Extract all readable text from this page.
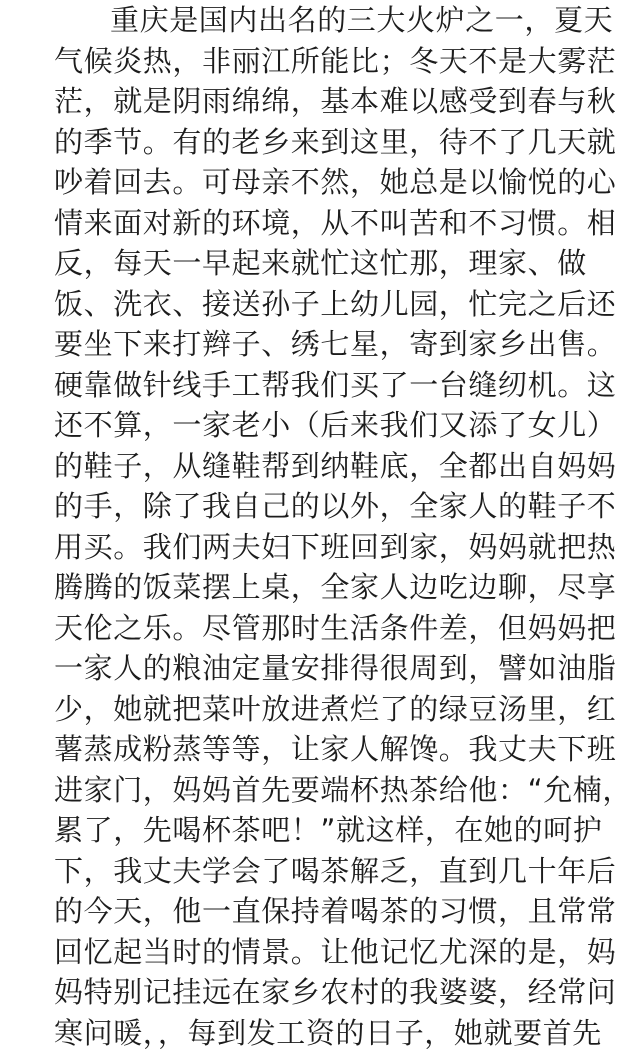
重庆是国内出名的三大火炉之一，夏天
气候炎热，非丽江所能比；冬天不是大雾茫
茫，就是阴雨绵绵，基本难以感受到春与秋
的季节。有的老乡来到这里，待不了几天就
吵着回去。可母亲不然，她总是以愉悦的心
情来面对新的环境，从不叫苦和不习惯。相
反，每天一早起来就忙这忙那，理家、做
饭、洗衣、接送孙子上幼儿园，忙完之后还
要坐下来打辫子、绣七星，寄到家乡出售。
硬靠做针线手工帮我们买了一台缝纫机。这
还不算，一家老小（后来我们又添了女儿）
的鞋子，从缝鞋帮到纳鞋底，全都出自妈妈
的手，除了我自己的以外，全家人的鞋子不
用买。我们两夫妇下班回到家，妈妈就把热
腾腾的饭菜摆上桌，全家人边吃边聊，尽享
天伦之乐。尽管那时生活条件差，但妈妈把
一家人的粮油定量安排得很周到，譬如油脂
少，她就把菜叶放进煮烂了的绿豆汤里，红
薯蒸成粉蒸等等，让家人解馋。我丈夫下班
进家门，妈妈首先要端杯热茶给他：“允楠，
累了，先喝杯茶吧！”就这样，在她的呵护
下，我丈夫学会了喝茶解乏，直到几十年后
的今天，他一直保持着喝茶的习惯，且常常
回忆起当时的情景。让他记忆尤深的是，妈
妈特别记挂远在家乡农村的我婆婆，经常问
寒问暖，，每到发工资的日子，她就要首先
